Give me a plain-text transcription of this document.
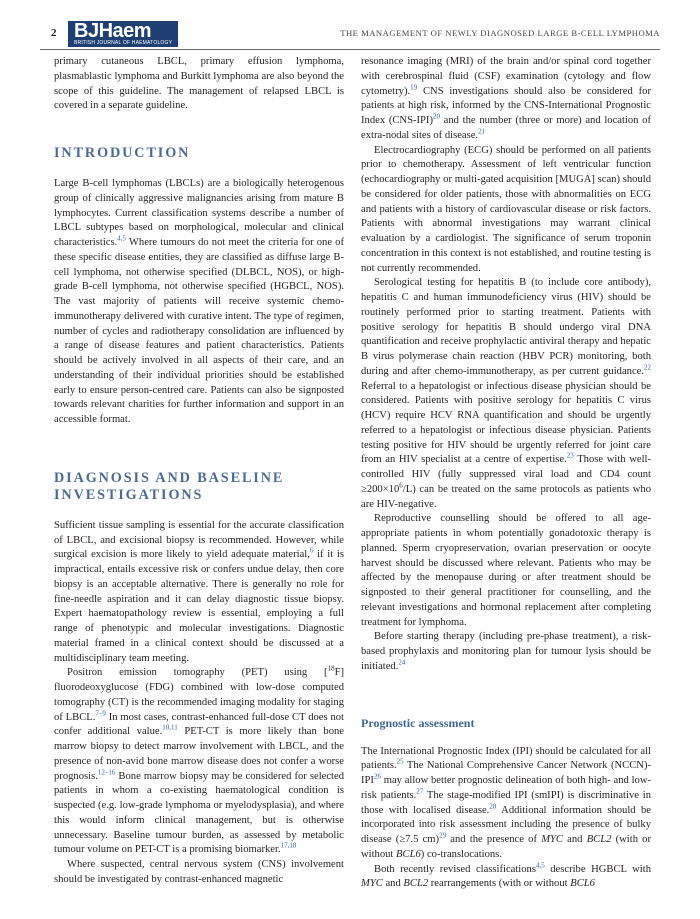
2 BJHaem
BRITISH JOURNAL OF HAEMATOLOGY
THE MANAGEMENT OF NEWLY DIAGNOSED LARGE B-CELL LYMPHOMA

primary cutaneous LBCL, primary effusion lymphoma, plasmablastic lymphoma and Burkitt lymphoma are also beyond the scope of this guideline. The management of relapsed LBCL is covered in a separate guideline.

INTRODUCTION

Large B-cell lymphomas (LBCLs) are a biologically heterogenous group of clinically aggressive malignancies arising from mature B lymphocytes. Current classification systems describe a number of LBCL subtypes based on morphological, molecular and clinical characteristics.$^{4,5}$ Where tumours do not meet the criteria for one of these specific disease entities, they are classified as diffuse large B-cell lymphoma, not otherwise specified (DLBCL, NOS), or high-grade B-cell lymphoma, not otherwise specified (HGBCL, NOS). The vast majority of patients will receive systemic chemo-immunotherapy delivered with curative intent. The type of regimen, number of cycles and radiotherapy consolidation are influenced by a range of disease features and patient characteristics. Patients should be actively involved in all aspects of their care, and an understanding of their individual priorities should be established early to ensure person-centred care. Patients can also be signposted towards relevant charities for further information and support in an accessible format.

DIAGNOSIS AND BASELINE INVESTIGATIONS

Sufficient tissue sampling is essential for the accurate classification of LBCL, and excisional biopsy is recommended. However, while surgical excision is more likely to yield adequate material,$^6$ if it is impractical, entails excessive risk or confers undue delay, then core biopsy is an acceptable alternative. There is generally no role for fine-needle aspiration and it can delay diagnostic tissue biopsy. Expert haematopathology review is essential, employing a full range of phenotypic and molecular investigations. Diagnostic material framed in a clinical context should be discussed at a multidisciplinary team meeting.

Positron emission tomography (PET) using [$^{18}$F] fluorodeoxyglucose (FDG) combined with low-dose computed tomography (CT) is the recommended imaging modality for staging of LBCL.$^{7-9}$ In most cases, contrast-enhanced full-dose CT does not confer additional value.$^{10,11}$ PET-CT is more likely than bone marrow biopsy to detect marrow involvement with LBCL, and the presence of non-avid bone marrow disease does not confer a worse prognosis.$^{12-16}$ Bone marrow biopsy may be considered for selected patients in whom a co-existing haematological condition is suspected (e.g. low-grade lymphoma or myelodysplasia), and where this would inform clinical management, but is otherwise unnecessary. Baseline tumour burden, as assessed by metabolic tumour volume on PET-CT is a promising biomarker.$^{17,18}$

Where suspected, central nervous system (CNS) involvement should be investigated by contrast-enhanced magnetic

resonance imaging (MRI) of the brain and/or spinal cord together with cerebrospinal fluid (CSF) examination (cytology and flow cytometry).$^{19}$ CNS investigations should also be considered for patients at high risk, informed by the CNS-International Prognostic Index $(CNS-IPI)^{20}$ and the number (three or more) and location of extra-nodal sites of disease.$^{21}$

Electrocardiography (ECG) should be performed on all patients prior to chemotherapy. Assessment of left ventricular function (echocardiography or multi-gated acquisition [MUGA] scan) should be considered for older patients, those with abnormalities on ECG and patients with a history of cardiovascular disease or risk factors. Patients with abnormal investigations may warrant clinical evaluation by a cardiologist. The significance of serum troponin concentration in this context is not established, and routine testing is not currently recommended.

Serological testing for hepatitis B (to include core antibody), hepatitis C and human immunodeficiency virus (HIV) should be routinely performed prior to starting treatment. Patients with positive serology for hepatitis B should undergo viral DNA quantification and receive prophylactic antiviral therapy and hepatic B virus polymerase chain reaction (HBV PCR) monitoring, both during and after chemo-immunotherapy, as per current guidance.$^{22}$ Referral to a hepatologist or infectious disease physician should be considered. Patients with positive serology for hepatitis C virus (HCV) require HCV RNA quantification and should be urgently referred to a hepatologist or infectious disease physician. Patients testing positive for HIV should be urgently referred for joint care from an HIV specialist at a centre of expertise.$^{23}$ Those with well-controlled HIV (fully suppressed viral load and CD4 count $\ge 200\times 10^6/L$) can be treated on the same protocols as patients who are HIV-negative.

Reproductive counselling should be offered to all age-appropriate patients in whom potentially gonadotoxic therapy is planned. Sperm cryopreservation, ovarian preservation or oocyte harvest should be discussed where relevant. Patients who may be affected by the menopause during or after treatment should be signposted to their general practitioner for counselling, and the relevant investigations and hormonal replacement after completing treatment for lymphoma.

Before starting therapy (including pre-phase treatment), a risk-based prophylaxis and monitoring plan for tumour lysis should be initiated.$^{24}$

Prognostic assessment

The International Prognostic Index (IPI) should be calculated for all patients.$^{25}$ The National Comprehensive Cancer Network (NCCN)-IPI$^{26}$ may allow better prognostic delineation of both high- and low-risk patients.$^{27}$ The stage-modified IPI (smIPI) is discriminative in those with localised disease.$^{28}$ Additional information should be incorporated into risk assessment including the presence of bulky disease (≥7.5 cm)$^{29}$ and the presence of MYC and BCL2 (with or without BCL6) co-translocations.

Both recently revised classifications$^{4,5}$ describe HGBCL with MYC and BCL2 rearrangements (with or without BCL6
